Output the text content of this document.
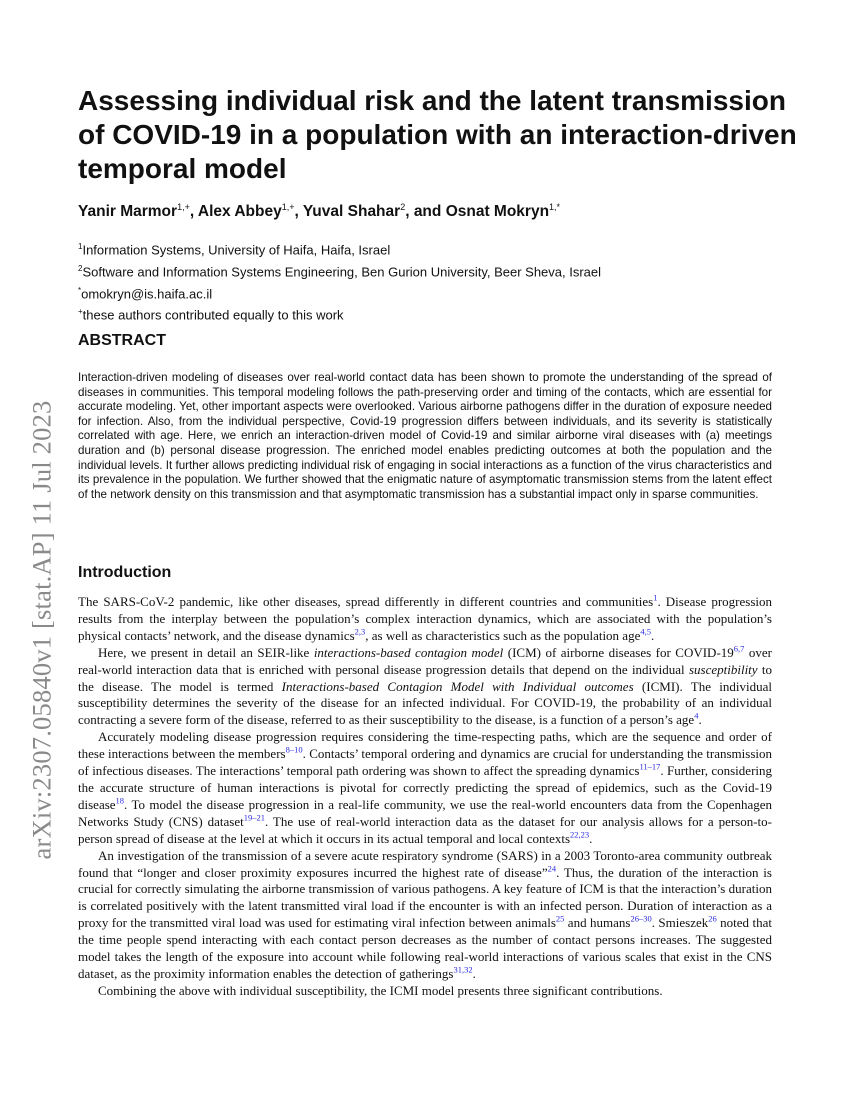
arXiv:2307.05840v1 [stat.AP] 11 Jul 2023
Assessing individual risk and the latent transmission of COVID-19 in a population with an interaction-driven temporal model
Yanir Marmor$^{1,+}$, Alex Abbey$^{1,+}$, Yuval Shahar$^2$, and Osnat Mokryn$^{1,*}$
$^1$Information Systems, University of Haifa, Haifa, Israel
$^2$Software and Information Systems Engineering, Ben Gurion University, Beer Sheva, Israel
*omokryn@is.haifa.ac.il
+these authors contributed equally to this work
ABSTRACT

Interaction-driven modeling of diseases over real-world contact data has been shown to promote the understanding of the spread of diseases in communities. This temporal modeling follows the path-preserving order and timing of the contacts, which are essential for accurate modeling. Yet, other important aspects were overlooked. Various airborne pathogens differ in the duration of exposure needed for infection. Also, from the individual perspective, Covid-19 progression differs between individuals, and its severity is statistically correlated with age. Here, we enrich an interaction-driven model of Covid-19 and similar airborne viral diseases with (a) meetings duration and (b) personal disease progression. The enriched model enables predicting outcomes at both the population and the individual levels. It further allows predicting individual risk of engaging in social interactions as a function of the virus characteristics and its prevalence in the population. We further showed that the enigmatic nature of asymptomatic transmission stems from the latent effect of the network density on this transmission and that asymptomatic transmission has a substantial impact only in sparse communities.

Introduction

The SARS-CoV-2 pandemic, like other diseases, spread differently in different countries and communities$^1$. Disease progression results from the interplay between the population’s complex interaction dynamics, which are associated with the population’s physical contacts’ network, and the disease dynamics$^{2,3}$, as well as characteristics such as the population age$^{4,5}$.

Here, we present in detail an SEIR-like interactions-based contagion model (ICM) of airborne diseases for COVID-19$^{6,7}$ over real-world interaction data that is enriched with personal disease progression details that depend on the individual susceptibility to the disease. The model is termed Interactions-based Contagion Model with Individual outcomes (ICMI). The individual susceptibility determines the severity of the disease for an infected individual. For COVID-19, the probability of an individual contracting a severe form of the disease, referred to as their susceptibility to the disease, is a function of a person’s age$^4$.

Accurately modeling disease progression requires considering the time-respecting paths, which are the sequence and order of these interactions between the members$^{8-10}$. Contacts’ temporal ordering and dynamics are crucial for understanding the transmission of infectious diseases. The interactions’ temporal path ordering was shown to affect the spreading dynamics$^{11-17}$. Further, considering the accurate structure of human interactions is pivotal for correctly predicting the spread of epidemics, such as the Covid-19 disease$^{18}$. To model the disease progression in a real-life community, we use the real-world encounters data from the Copenhagen Networks Study (CNS) dataset$^{19-21}$. The use of real-world interaction data as the dataset for our analysis allows for a person-to-person spread of disease at the level at which it occurs in its actual temporal and local contexts$^{22,23}$.

An investigation of the transmission of a severe acute respiratory syndrome (SARS) in a 2003 Toronto-area community outbreak found that “longer and closer proximity exposures incurred the highest rate of disease”$^{24}$. Thus, the duration of the interaction is crucial for correctly simulating the airborne transmission of various pathogens. A key feature of ICM is that the interaction’s duration is correlated positively with the latent transmitted viral load if the encounter is with an infected person. Duration of interaction as a proxy for the transmitted viral load was used for estimating viral infection between animals$^{25}$ and humans$^{26-30}$. Smieszek$^{26}$ noted that the time people spend interacting with each contact person decreases as the number of contact persons increases. The suggested model takes the length of the exposure into account while following real-world interactions of various scales that exist in the CNS dataset, as the proximity information enables the detection of gatherings$^{31,32}$.

Combining the above with individual susceptibility, the ICMI model presents three significant contributions.
